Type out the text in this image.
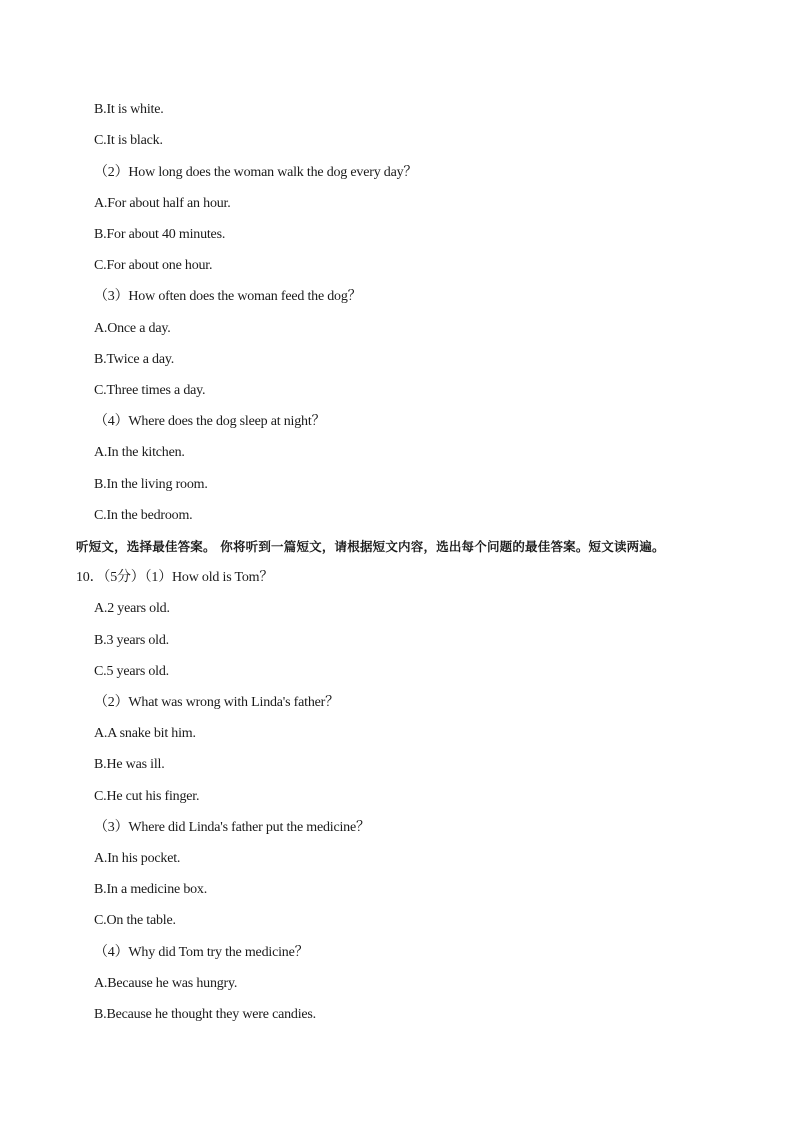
B.It is white.
C.It is black.
（2）How long does the woman walk the dog every day？
A.For about half an hour.
B.For about 40 minutes.
C.For about one hour.
（3）How often does the woman feed the dog？
A.Once a day.
B.Twice a day.
C.Three times a day.
（4）Where does the dog sleep at night？
A.In the kitchen.
B.In the living room.
C.In the bedroom.
听短文，选择最佳答案。 你将听到一篇短文，请根据短文内容，选出每个问题的最佳答案。短文读两遍。
10．（5分）（1）How old is Tom？
A.2 years old.
B.3 years old.
C.5 years old.
（2）What was wrong with Linda's father？
A.A snake bit him.
B.He was ill.
C.He cut his finger.
（3）Where did Linda's father put the medicine？
A.In his pocket.
B.In a medicine box.
C.On the table.
（4）Why did Tom try the medicine？
A.Because he was hungry.
B.Because he thought they were candies.
